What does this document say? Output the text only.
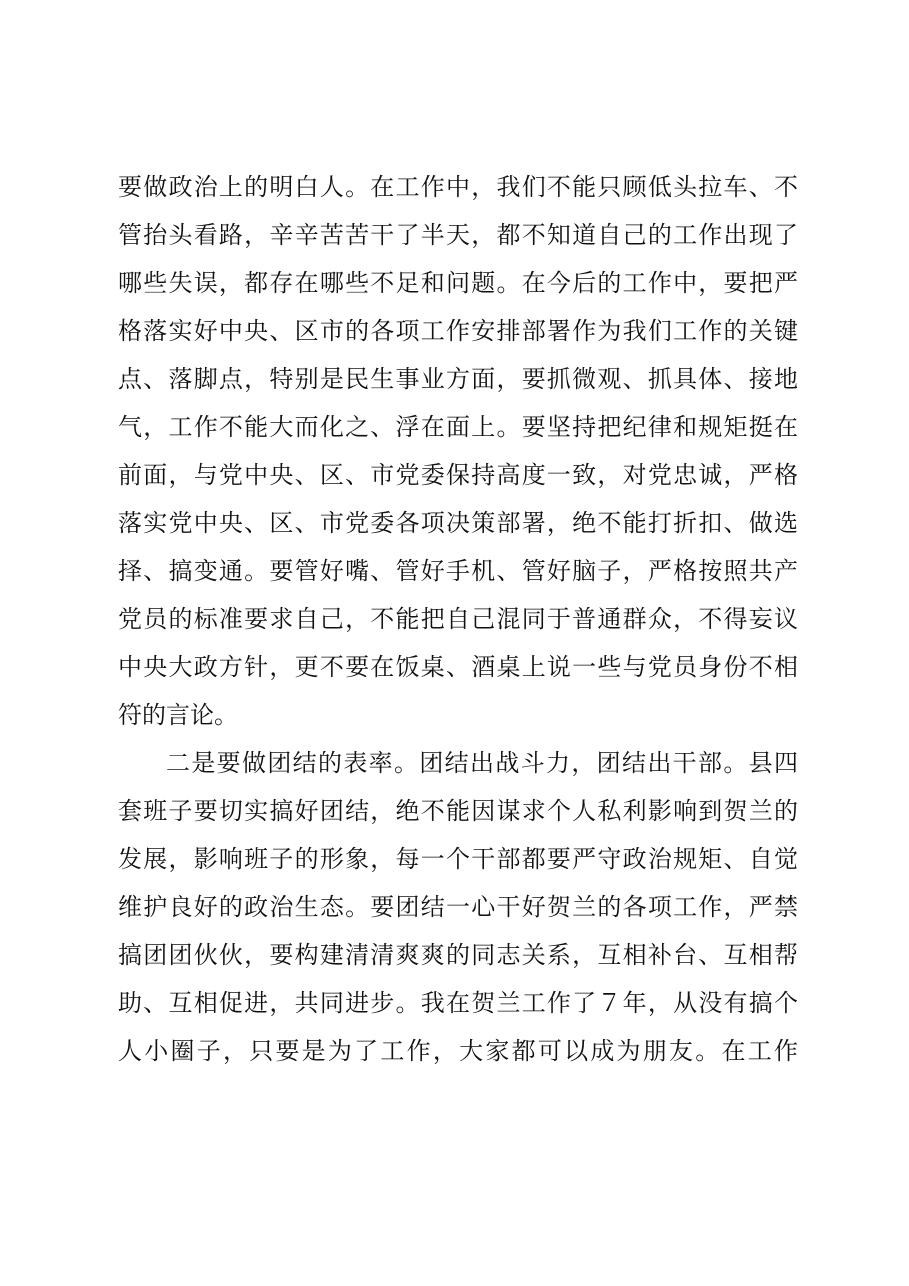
要做政治上的明白人。在工作中，我们不能只顾低头拉车、不
管抬头看路，辛辛苦苦干了半天，都不知道自己的工作出现了
哪些失误，都存在哪些不足和问题。在今后的工作中，要把严
格落实好中央、区市的各项工作安排部署作为我们工作的关键
点、落脚点，特别是民生事业方面，要抓微观、抓具体、接地
气，工作不能大而化之、浮在面上。要坚持把纪律和规矩挺在
前面，与党中央、区、市党委保持高度一致，对党忠诚，严格
落实党中央、区、市党委各项决策部署，绝不能打折扣、做选
择、搞变通。要管好嘴、管好手机、管好脑子，严格按照共产
党员的标准要求自己，不能把自己混同于普通群众，不得妄议
中央大政方针，更不要在饭桌、酒桌上说一些与党员身份不相
符的言论。
二是要做团结的表率。团结出战斗力，团结出干部。县四
套班子要切实搞好团结，绝不能因谋求个人私利影响到贺兰的
发展，影响班子的形象，每一个干部都要严守政治规矩、自觉
维护良好的政治生态。要团结一心干好贺兰的各项工作，严禁
搞团团伙伙，要构建清清爽爽的同志关系，互相补台、互相帮
助、互相促进，共同进步。我在贺兰工作了７年，从没有搞个
人小圈子，只要是为了工作，大家都可以成为朋友。在工作
